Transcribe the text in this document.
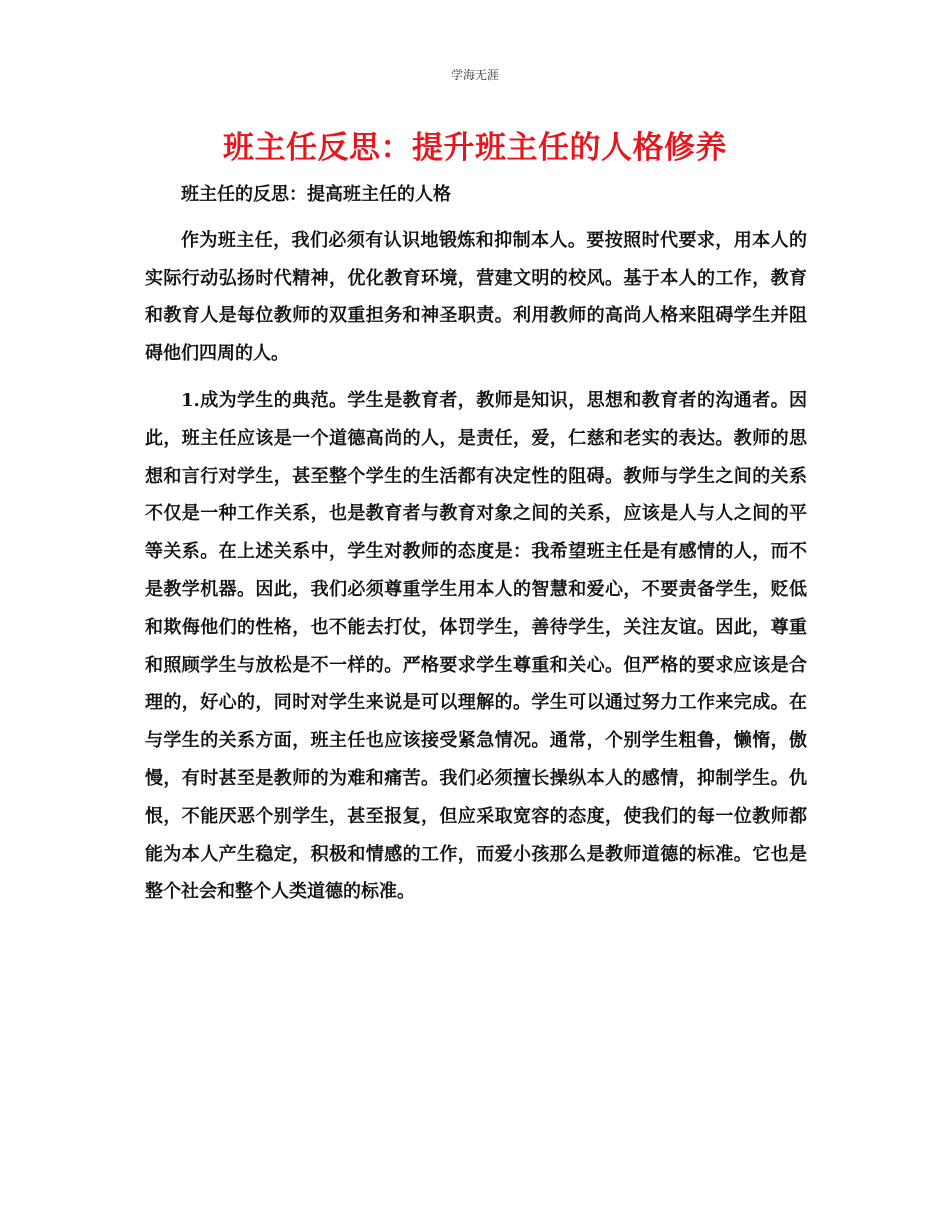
学海无涯
班主任反思：提升班主任的人格修养

班主任的反思：提高班主任的人格

作为班主任，我们必须有认识地锻炼和抑制本人。要按照时代要求，用本人的实际行动弘扬时代精神，优化教育环境，营建文明的校风。基于本人的工作，教育和教育人是每位教师的双重担务和神圣职责。利用教师的高尚人格来阻碍学生并阻碍他们四周的人。

1.成为学生的典范。学生是教育者，教师是知识，思想和教育者的沟通者。因此，班主任应该是一个道德高尚的人，是责任，爱，仁慈和老实的表达。教师的思想和言行对学生，甚至整个学生的生活都有决定性的阻碍。教师与学生之间的关系不仅是一种工作关系，也是教育者与教育对象之间的关系，应该是人与人之间的平等关系。在上述关系中，学生对教师的态度是：我希望班主任是有感情的人，而不是教学机器。因此，我们必须尊重学生用本人的智慧和爱心，不要责备学生，贬低和欺侮他们的性格，也不能去打仗，体罚学生，善待学生，关注友谊。因此，尊重和照顾学生与放松是不一样的。严格要求学生尊重和关心。但严格的要求应该是合理的，好心的，同时对学生来说是可以理解的。学生可以通过努力工作来完成。在与学生的关系方面，班主任也应该接受紧急情况。通常，个别学生粗鲁，懒惰，傲慢，有时甚至是教师的为难和痛苦。我们必须擅长操纵本人的感情，抑制学生。仇恨，不能厌恶个别学生，甚至报复，但应采取宽容的态度，使我们的每一位教师都能为本人产生稳定，积极和情感的工作，而爱小孩那么是教师道德的标准。它也是整个社会和整个人类道德的标准。
